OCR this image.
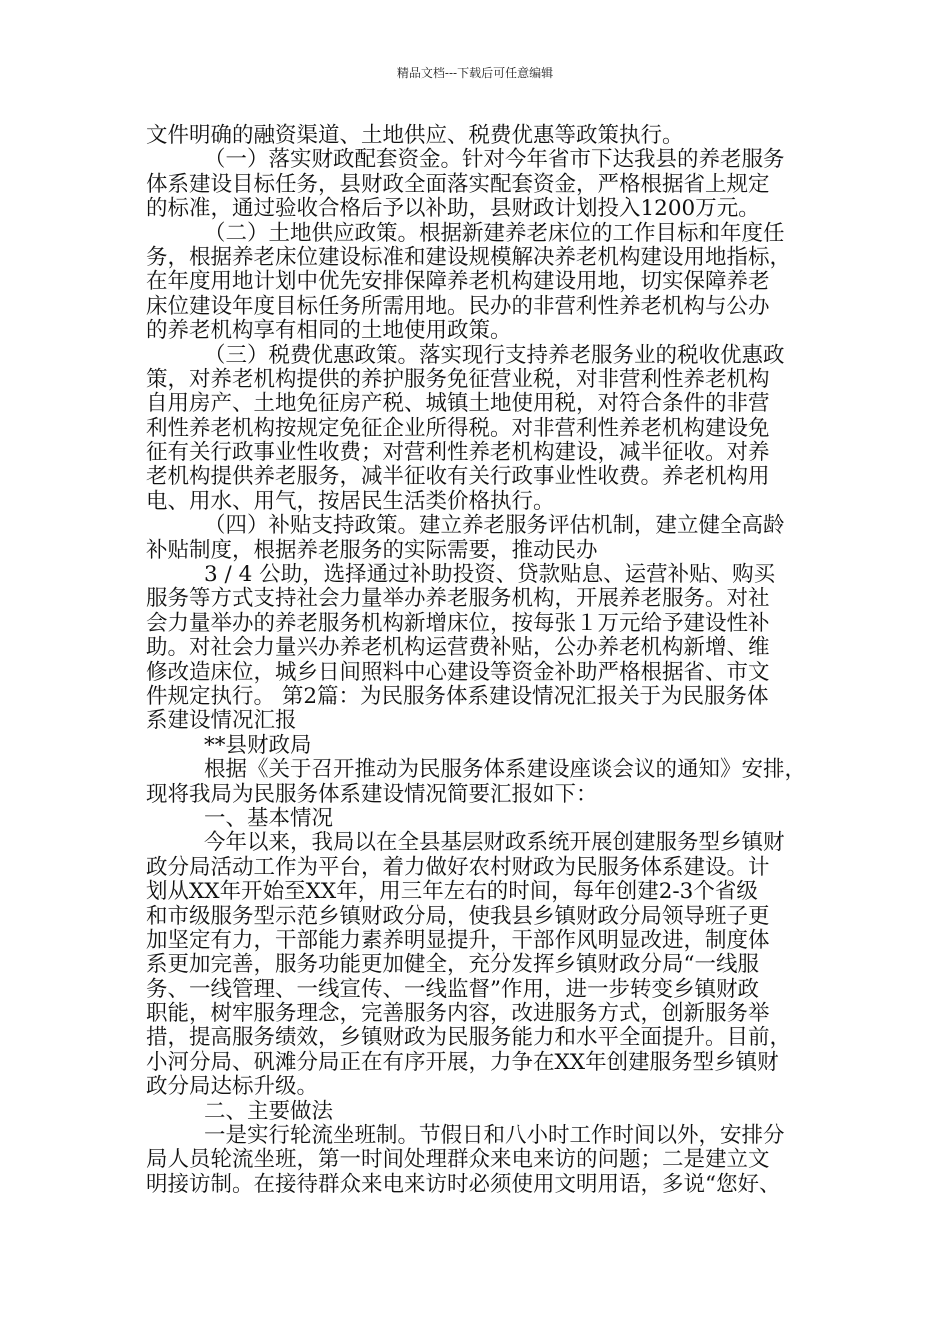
精品文档---下载后可任意编辑
文件明确的融资渠道、土地供应、税费优惠等政策执行。
（一）落实财政配套资金。针对今年省市下达我县的养老服务
体系建设目标任务，县财政全面落实配套资金，严格根据省上规定
的标准，通过验收合格后予以补助，县财政计划投入1200万元。
（二）土地供应政策。根据新建养老床位的工作目标和年度任
务，根据养老床位建设标准和建设规模解决养老机构建设用地指标，
在年度用地计划中优先安排保障养老机构建设用地，切实保障养老
床位建设年度目标任务所需用地。民办的非营利性养老机构与公办
的养老机构享有相同的土地使用政策。
（三）税费优惠政策。落实现行支持养老服务业的税收优惠政
策，对养老机构提供的养护服务免征营业税，对非营利性养老机构
自用房产、土地免征房产税、城镇土地使用税，对符合条件的非营
利性养老机构按规定免征企业所得税。对非营利性养老机构建设免
征有关行政事业性收费；对营利性养老机构建设，减半征收。对养
老机构提供养老服务，减半征收有关行政事业性收费。养老机构用
电、用水、用气，按居民生活类价格执行。
（四）补贴支持政策。建立养老服务评估机制，建立健全高龄
补贴制度，根据养老服务的实际需要，推动民办
3 / 4 公助，选择通过补助投资、贷款贴息、运营补贴、购买
服务等方式支持社会力量举办养老服务机构，开展养老服务。对社
会力量举办的养老服务机构新增床位，按每张１万元给予建设性补
助。对社会力量兴办养老机构运营费补贴，公办养老机构新增、维
修改造床位，城乡日间照料中心建设等资金补助严格根据省、市文
件规定执行。 第2篇：为民服务体系建设情况汇报关于为民服务体
系建设情况汇报
**县财政局
根据《关于召开推动为民服务体系建设座谈会议的通知》安排，
现将我局为民服务体系建设情况简要汇报如下：
一、基本情况
今年以来，我局以在全县基层财政系统开展创建服务型乡镇财
政分局活动工作为平台，着力做好农村财政为民服务体系建设。计
划从XX年开始至XX年，用三年左右的时间，每年创建2-3个省级
和市级服务型示范乡镇财政分局，使我县乡镇财政分局领导班子更
加坚定有力，干部能力素养明显提升，干部作风明显改进，制度体
系更加完善，服务功能更加健全，充分发挥乡镇财政分局“一线服
务、一线管理、一线宣传、一线监督”作用，进一步转变乡镇财政
职能，树牢服务理念，完善服务内容，改进服务方式，创新服务举
措，提高服务绩效，乡镇财政为民服务能力和水平全面提升。目前，
小河分局、矾滩分局正在有序开展，力争在XX年创建服务型乡镇财
政分局达标升级。
二、主要做法
一是实行轮流坐班制。节假日和八小时工作时间以外，安排分
局人员轮流坐班，第一时间处理群众来电来访的问题；二是建立文
明接访制。在接待群众来电来访时必须使用文明用语，多说“您好、
